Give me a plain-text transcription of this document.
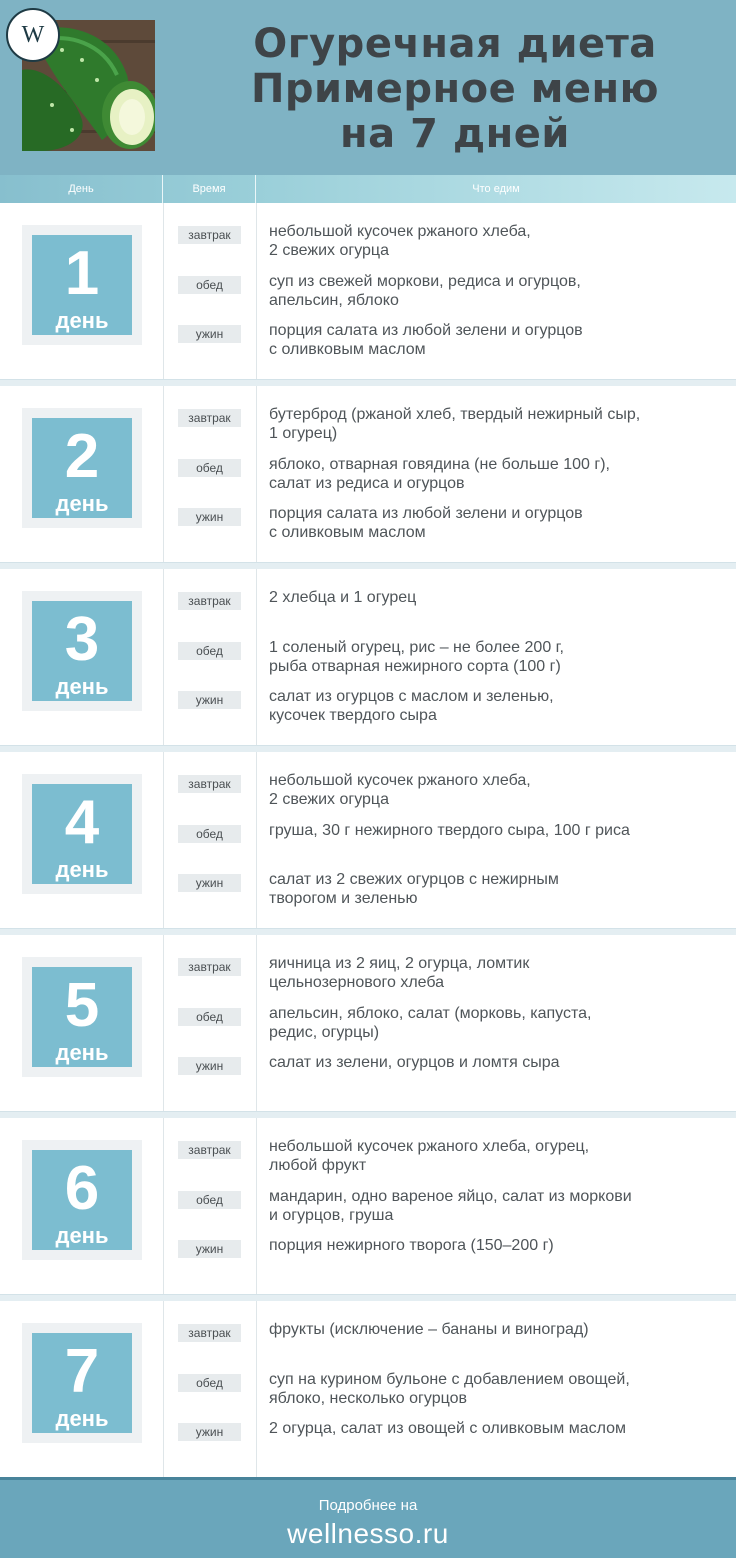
W	Огуречная диета
Примерное меню
на 7 дней
День	Время	Что едим
1
день
завтрак	небольшой кусочек ржаного хлеба,
2 свежих огурца
обед	суп из свежей моркови, редиса и огурцов,
апельсин, яблоко
ужин	порция салата из любой зелени и огурцов
с оливковым маслом
2
день
завтрак	бутерброд (ржаной хлеб, твердый нежирный сыр,
1 огурец)
обед	яблоко, отварная говядина (не больше 100 г),
салат из редиса и огурцов
ужин	порция салата из любой зелени и огурцов
с оливковым маслом
3
день
завтрак	2 хлебца и 1 огурец
обед	1 соленый огурец, рис – не более 200 г,
рыба отварная нежирного сорта (100 г)
ужин	салат из огурцов с маслом и зеленью,
кусочек твердого сыра
4
день
завтрак	небольшой кусочек ржаного хлеба,
2 свежих огурца
обед	груша, 30 г нежирного твердого сыра, 100 г риса
ужин	салат из 2 свежих огурцов с нежирным
творогом и зеленью
5
день
завтрак	яичница из 2 яиц, 2 огурца, ломтик
цельнозернового хлеба
обед	апельсин, яблоко, салат (морковь, капуста,
редис, огурцы)
ужин	салат из зелени, огурцов и ломтя сыра
6
день
завтрак	небольшой кусочек ржаного хлеба, огурец,
любой фрукт
обед	мандарин, одно вареное яйцо, салат из моркови
и огурцов, груша
ужин	порция нежирного творога (150–200 г)
7
день
завтрак	фрукты (исключение – бананы и виноград)
обед	суп на курином бульоне с добавлением овощей,
яблоко, несколько огурцов
ужин	2 огурца, салат из овощей с оливковым маслом
Подробнее на
wellnesso.ru
